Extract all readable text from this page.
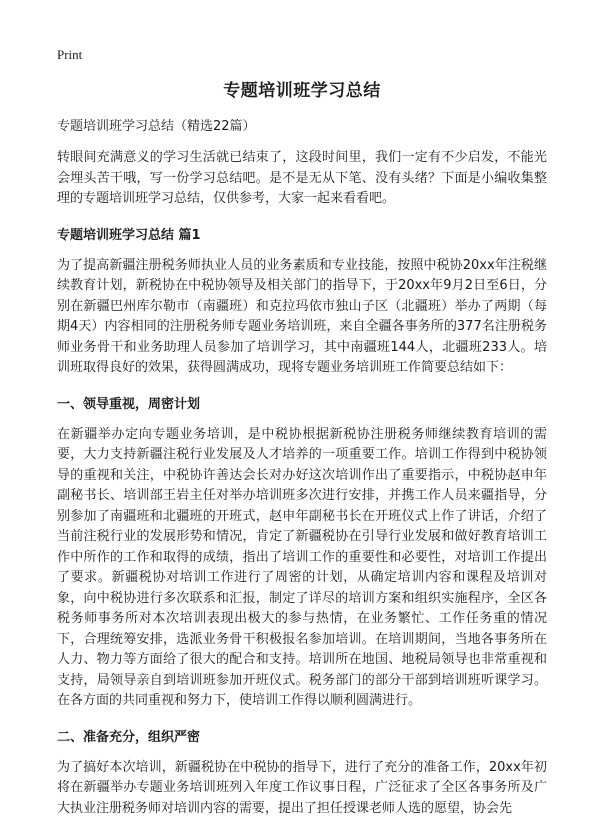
Print
专题培训班学习总结
专题培训班学习总结（精选22篇）

转眼间充满意义的学习生活就已结束了，这段时间里，我们一定有不少启发，不能光会埋头苦干哦，写一份学习总结吧。是不是无从下笔、没有头绪？下面是小编收集整理的专题培训班学习总结，仅供参考，大家一起来看看吧。

专题培训班学习总结 篇1

为了提高新疆注册税务师执业人员的业务素质和专业技能，按照中税协20xx年注税继续教育计划，新税协在中税协领导及相关部门的指导下，于20xx年9月2日至6日，分别在新疆巴州库尔勒市（南疆班）和克拉玛依市独山子区（北疆班）举办了两期（每期4天）内容相同的注册税务师专题业务培训班，来自全疆各事务所的377名注册税务师业务骨干和业务助理人员参加了培训学习，其中南疆班144人，北疆班233人。培训班取得良好的效果，获得圆满成功，现将专题业务培训班工作简要总结如下：

一、领导重视，周密计划

在新疆举办定向专题业务培训，是中税协根据新税协注册税务师继续教育培训的需要，大力支持新疆注税行业发展及人才培养的一项重要工作。培训工作得到中税协领导的重视和关注，中税协许善达会长对办好这次培训作出了重要指示，中税协赵申年副秘书长、培训部王岩主任对举办培训班多次进行安排，并携工作人员来疆指导，分别参加了南疆班和北疆班的开班式，赵申年副秘书长在开班仪式上作了讲话，介绍了当前注税行业的发展形势和情况，肯定了新疆税协在引导行业发展和做好教育培训工作中所作的工作和取得的成绩，指出了培训工作的重要性和必要性，对培训工作提出了要求。新疆税协对培训工作进行了周密的计划，从确定培训内容和课程及培训对象，向中税协进行多次联系和汇报，制定了详尽的培训方案和组织实施程序，全区各税务师事务所对本次培训表现出极大的参与热情，在业务繁忙、工作任务重的情况下，合理统筹安排，选派业务骨干积极报名参加培训。在培训期间，当地各事务所在人力、物力等方面给了很大的配合和支持。培训所在地国、地税局领导也非常重视和支持，局领导亲自到培训班参加开班仪式。税务部门的部分干部到培训班听课学习。在各方面的共同重视和努力下，使培训工作得以顺利圆满进行。

二、准备充分，组织严密

为了搞好本次培训，新疆税协在中税协的指导下，进行了充分的准备工作，20xx年初将在新疆举办专题业务培训班列入年度工作议事日程，广泛征求了全区各事务所及广大执业注册税务师对培训内容的需要，提出了担任授课老师人选的愿望，协会先
